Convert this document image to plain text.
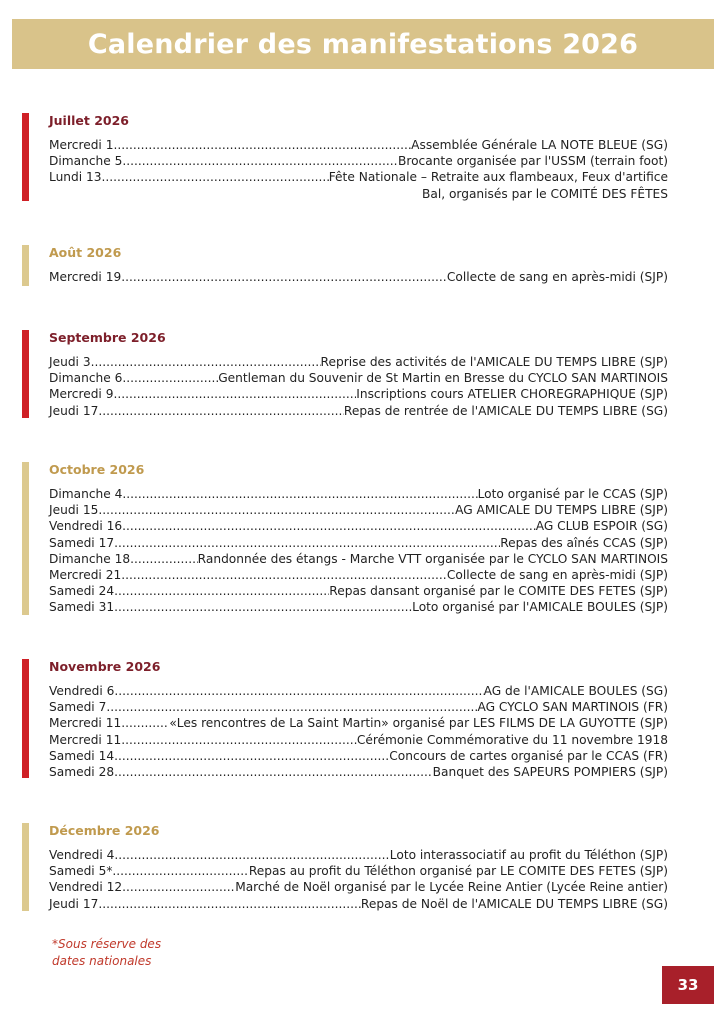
Calendrier des manifestations 2026
Juillet 2026
Mercredi 1 .....	Assemblée Générale LA NOTE BLEUE (SG)
Dimanche 5 .....	Brocante organisée par l'USSM (terrain foot)
Lundi 13 .....	Fête Nationale – Retraite aux flambeaux, Feux d'artifice
Bal, organisés par le COMITÉ DES FÊTES
Août 2026
Mercredi 19 .....	Collecte de sang en après-midi (SJP)
Septembre 2026
Jeudi 3 .....	Reprise des activités de l'AMICALE DU TEMPS LIBRE (SJP)
Dimanche 6 .....	Gentleman du Souvenir de St Martin en Bresse du CYCLO SAN MARTINOIS
Mercredi 9 .....	Inscriptions cours ATELIER CHOREGRAPHIQUE (SJP)
Jeudi 17 .....	Repas de rentrée de l'AMICALE DU TEMPS LIBRE (SG)
Octobre 2026
Dimanche 4 .....	Loto organisé par le CCAS (SJP)
Jeudi 15 .....	AG AMICALE DU TEMPS LIBRE (SJP)
Vendredi 16 .....	AG CLUB ESPOIR (SG)
Samedi 17 .....	Repas des aînés CCAS (SJP)
Dimanche 18 .....	Randonnée des étangs - Marche VTT organisée par le CYCLO SAN MARTINOIS
Mercredi 21 .....	Collecte de sang en après-midi (SJP)
Samedi 24 .....	Repas dansant organisé par le COMITE DES FETES (SJP)
Samedi 31 .....	Loto organisé par l'AMICALE BOULES (SJP)
Novembre 2026
Vendredi 6 .....	AG de l'AMICALE BOULES (SG)
Samedi 7 .....	AG CYCLO SAN MARTINOIS (FR)
Mercredi 11 .....	«Les rencontres de La Saint Martin» organisé par LES FILMS DE LA GUYOTTE (SJP)
Mercredi 11 .....	Cérémonie Commémorative du 11 novembre 1918
Samedi 14 .....	Concours de cartes organisé par le CCAS (FR)
Samedi 28 .....	Banquet des SAPEURS POMPIERS (SJP)
Décembre 2026
Vendredi 4 .....	Loto interassociatif au profit du Téléthon (SJP)
Samedi 5* .....	Repas au profit du Téléthon organisé par LE COMITE DES FETES (SJP)
Vendredi 12 .....	Marché de Noël organisé par le Lycée Reine Antier (Lycée Reine antier)
Jeudi 17 .....	Repas de Noël de l'AMICALE DU TEMPS LIBRE (SG)
*Sous réserve des
dates nationales
33
